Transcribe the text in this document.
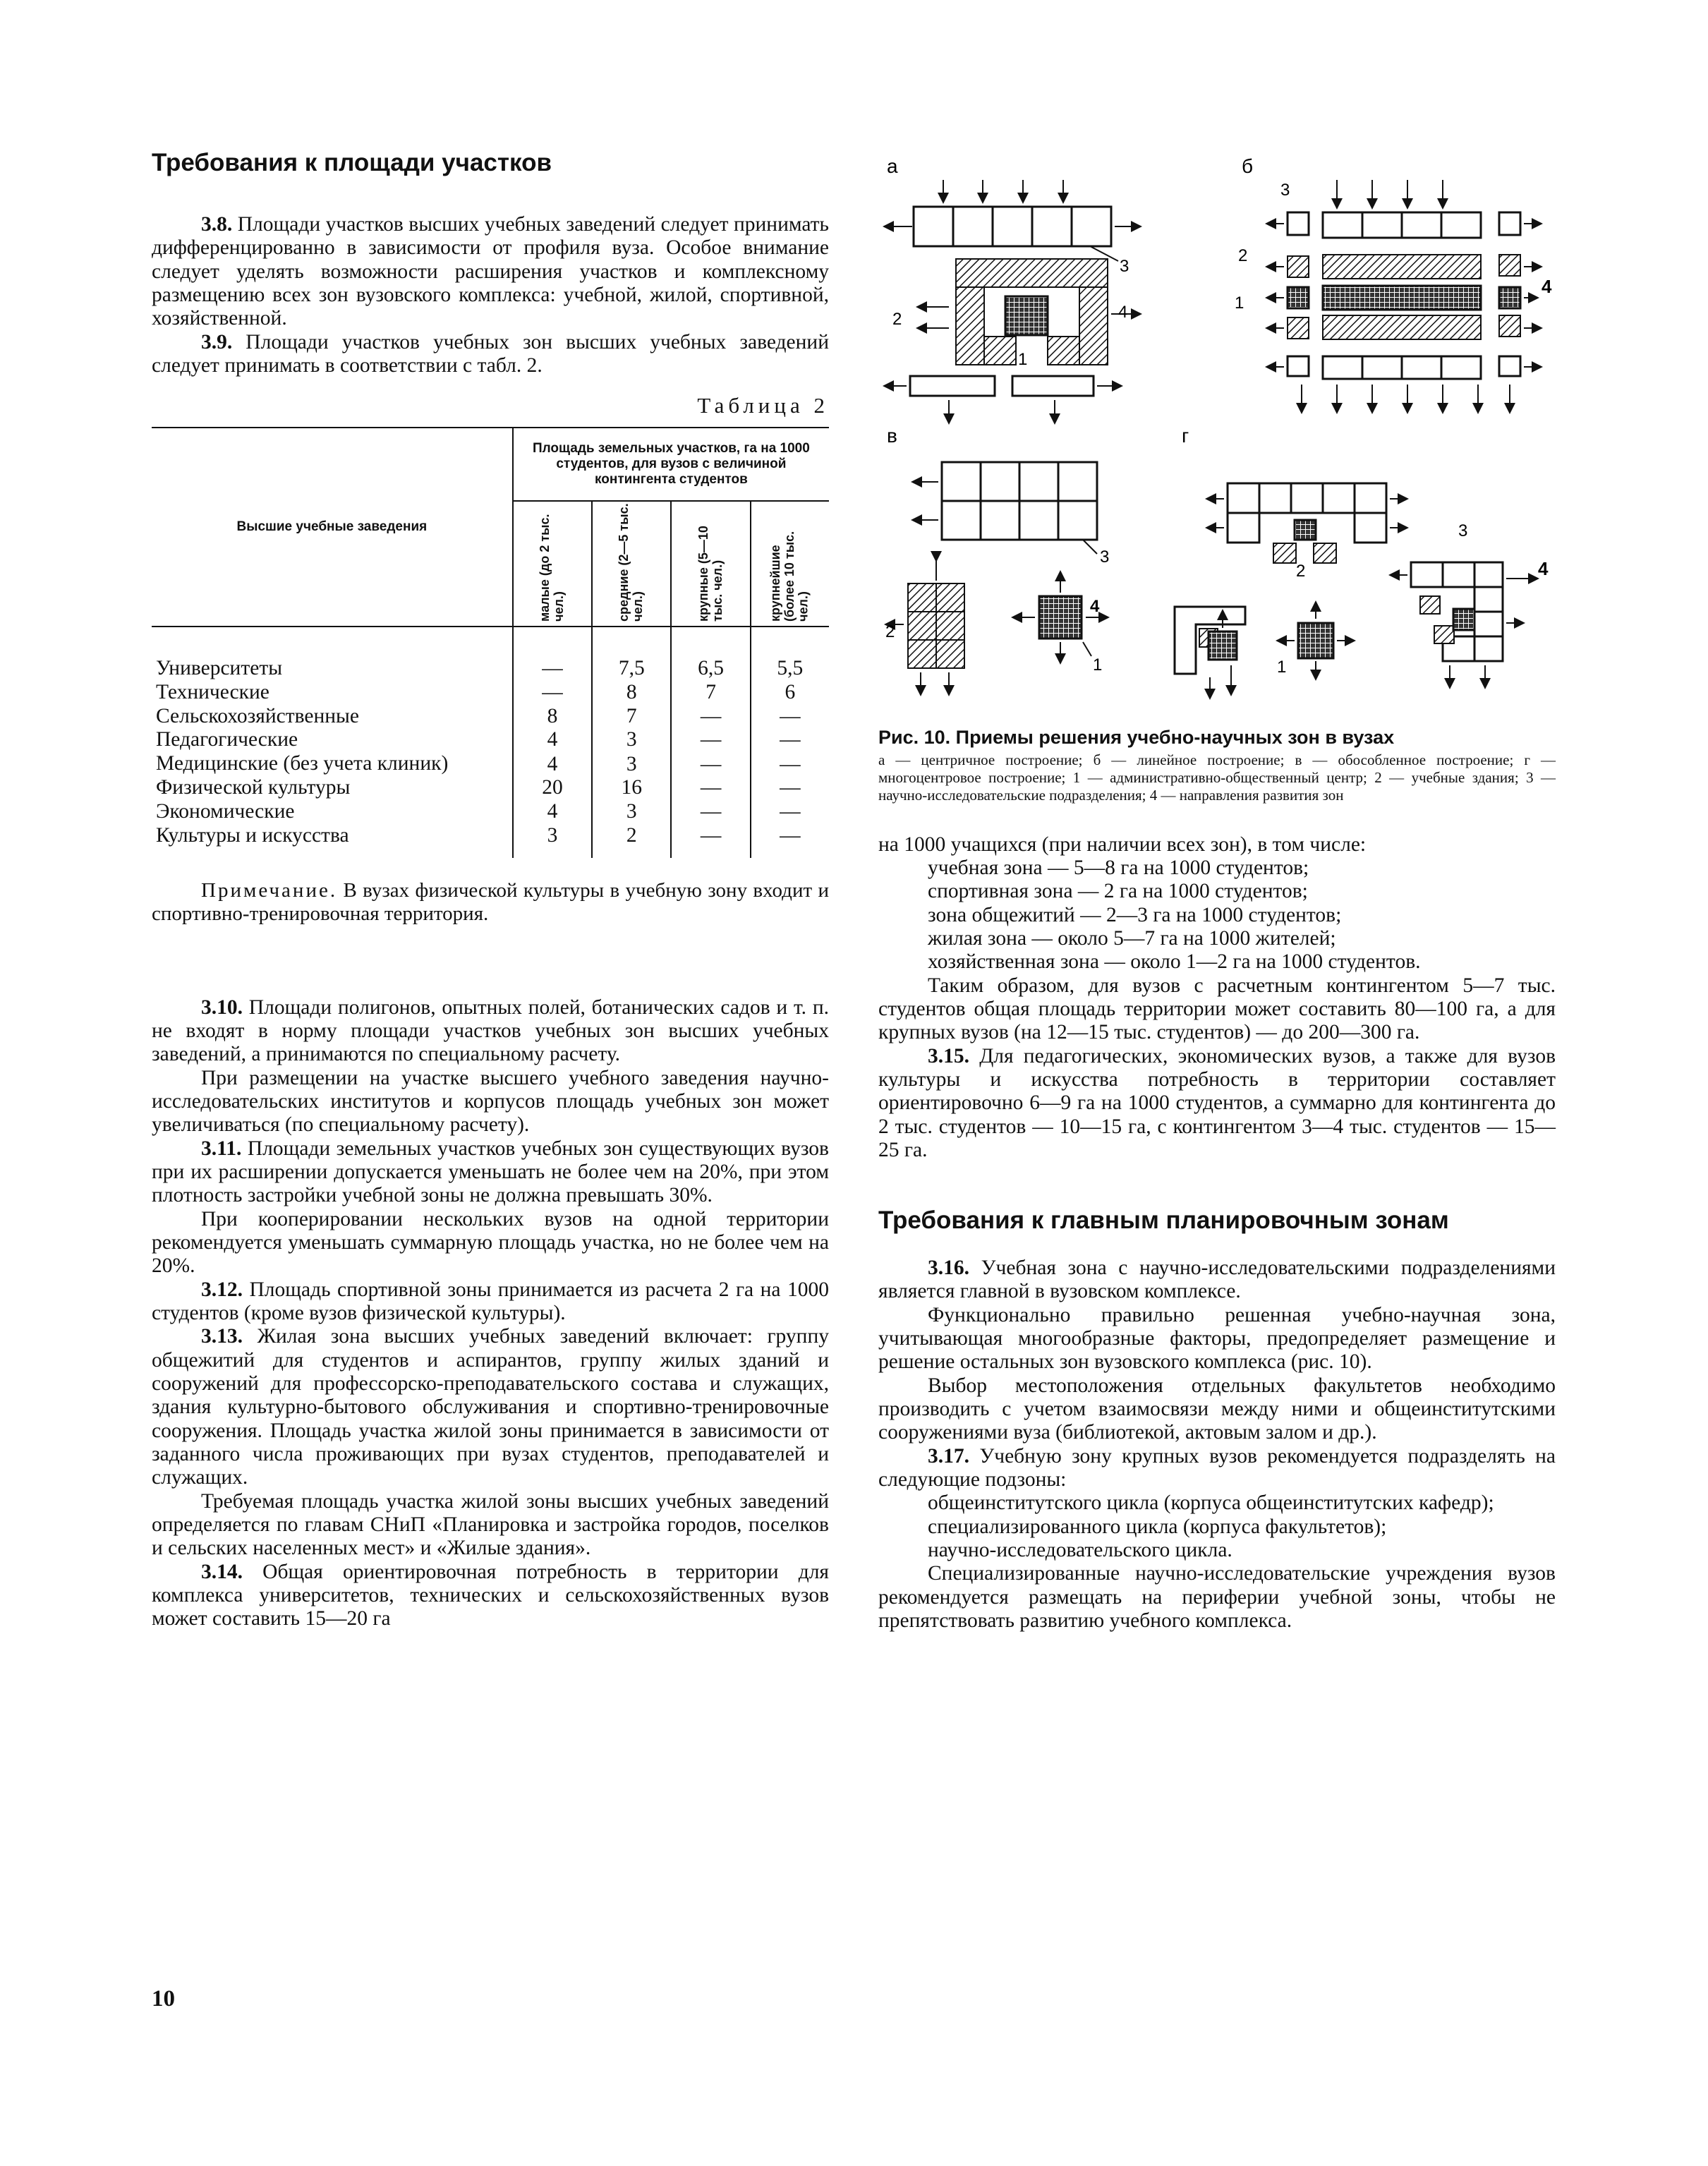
Требования к площади участков

3.8. Площади участков высших учебных заведений следует принимать дифференцированно в зависимости от профиля вуза. Особое внимание следует уделять возможности расширения участков и комплексному размещению всех зон вузовского комплекса: учебной, жилой, спортивной, хозяйственной.

3.9. Площади участков учебных зон высших учебных заведений следует принимать в соответствии с табл. 2.

Таблица 2
Высшие учебные заведения	Площадь земельных участков, га на 1000 студентов, для вузов с величиной контингента студентов			
	малые (до 2 тыс. чел.)	средние (2—5 тыс. чел.)	крупные (5—10 тыс. чел.)	крупнейшие (более 10 тыс. чел.)

Университеты	—	7,5	6,5	5,5
Технические	—	8	7	6
Сельскохозяйственные	8	7	—	—
Педагогические	4	3	—	—
Медицинские (без учета клиник)	4	3	—	—
Физической культуры	20	16	—	—
Экономические	4	3	—	—
Культуры и искусства	3	2	—	—

Примечание. В вузах физической культуры в учебную зону входит и спортивно-тренировочная территория.

3.10. Площади полигонов, опытных полей, ботанических садов и т. п. не входят в норму площади участков учебных зон высших учебных заведений, а принимаются по специальному расчету.

При размещении на участке высшего учебного заведения научно-исследовательских институтов и корпусов площадь учебных зон может увеличиваться (по специальному расчету).

3.11. Площади земельных участков учебных зон существующих вузов при их расширении допускается уменьшать не более чем на 20%, при этом плотность застройки учебной зоны не должна превышать 30%.

При кооперировании нескольких вузов на одной территории рекомендуется уменьшать суммарную площадь участка, но не более чем на 20%.

3.12. Площадь спортивной зоны принимается из расчета 2 га на 1000 студентов (кроме вузов физической культуры).

3.13. Жилая зона высших учебных заведений включает: группу общежитий для студентов и аспирантов, группу жилых зданий и сооружений для профессорско-преподавательского состава и служащих, здания культурно-бытового обслуживания и спортивно-тренировочные сооружения. Площадь участка жилой зоны принимается в зависимости от заданного числа проживающих при вузах студентов, преподавателей и служащих.

Требуемая площадь участка жилой зоны высших учебных заведений определяется по главам СНиП «Планировка и застройка городов, поселков и сельских населенных мест» и «Жилые здания».

3.14. Общая ориентировочная потребность в территории для комплекса университетов, технических и сельскохозяйственных вузов может составить 15—20 га

а
3
2	4
1
б
3
2
1
4
в
3
2
4
1
г
2
3
4
1
Рис. 10. Приемы решения учебно-научных зон в вузах
а — центричное построение; б — линейное построение; в — обособленное построение; г — многоцентровое построение; 1 — административно-общественный центр; 2 — учебные здания; 3 — научно-исследовательские подразделения; 4 — направления развития зон

на 1000 учащихся (при наличии всех зон), в том числе:

учебная зона — 5—8 га на 1000 студентов;

спортивная зона — 2 га на 1000 студентов;

зона общежитий — 2—3 га на 1000 студентов;

жилая зона — около 5—7 га на 1000 жителей;

хозяйственная зона — около 1—2 га на 1000 студентов.

Таким образом, для вузов с расчетным контингентом 5—7 тыс. студентов общая площадь территории может составить 80—100 га, а для крупных вузов (на 12—15 тыс. студентов) — до 200—300 га.

3.15. Для педагогических, экономических вузов, а также для вузов культуры и искусства потребность в территории составляет ориентировочно 6—9 га на 1000 студентов, а суммарно для контингента до 2 тыс. студентов — 10—15 га, с контингентом 3—4 тыс. студентов — 15—25 га.

Требования к главным планировочным зонам

3.16. Учебная зона с научно-исследовательскими подразделениями является главной в вузовском комплексе.

Функционально правильно решенная учебно-научная зона, учитывающая многообразные факторы, предопределяет размещение и решение остальных зон вузовского комплекса (рис. 10).

Выбор местоположения отдельных факультетов необходимо производить с учетом взаимосвязи между ними и общеинститутскими сооружениями вуза (библиотекой, актовым залом и др.).

3.17. Учебную зону крупных вузов рекомендуется подразделять на следующие подзоны:

общеинститутского цикла (корпуса общеинститутских кафедр);

специализированного цикла (корпуса факультетов);

научно-исследовательского цикла.

Специализированные научно-исследовательские учреждения вузов рекомендуется размещать на периферии учебной зоны, чтобы не препятствовать развитию учебного комплекса.

10
